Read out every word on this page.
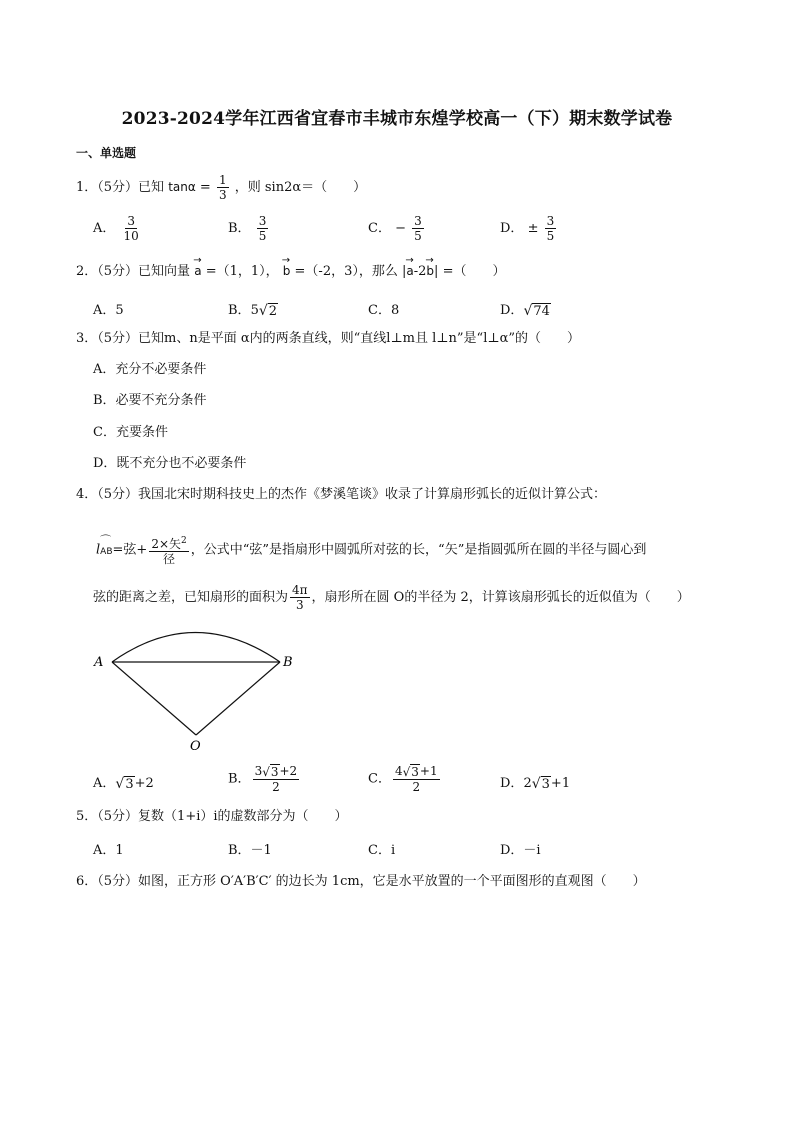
2023-2024学年江西省宜春市丰城市东煌学校高一（下）期末数学试卷
一、单选题
1．（5分）已知 $\tan\alpha = \frac{1}{3}$ ，则 sin2α＝（　　）
A． $\frac{3}{10}$	B． $\frac{3}{5}$	C． − $\frac{3}{5}$	D． ± $\frac{3}{5}$
2．（5分）已知向量 → a =（1，1）， → b =（-2，3），那么 |→ a-2→ b| =（　　）
A．5	B．5√2	C．8	D．√74
3．（5分）已知m、n是平面 α内的两条直线，则“直线l⊥m且 l⊥n”是“l⊥α”的（　　）
A．充分不必要条件
B．必要不充分条件
C．充要条件
D．既不充分也不必要条件
4．（5分）我国北宋时期科技史上的杰作《梦溪笔谈》收录了计算扇形弧长的近似计算公式：
l⌒ AB=弦+ $\frac{2\times 矢^2}{\text{径}}$ ，公式中“弦”是指扇形中圆弧所对弦的长，“矢”是指圆弧所在圆的半径与圆心到
弦的距离之差，已知扇形的面积为 $\frac{4\pi}{3}$ ，扇形所在圆 O的半径为 2，计算该扇形弧长的近似值为（　　）
A	B
O
A．√3+2	B． $\frac{3√3+2}{2}$	C． $\frac{4√3+1}{2}$	D．2√3+1
5．（5分）复数（1+i）i的虚数部分为（　　）
A．1	B．－1	C．i	D．－i
6．（5分）如图，正方形 O′A′B′C′ 的边长为 1cm，它是水平放置的一个平面图形的直观图（　　）
